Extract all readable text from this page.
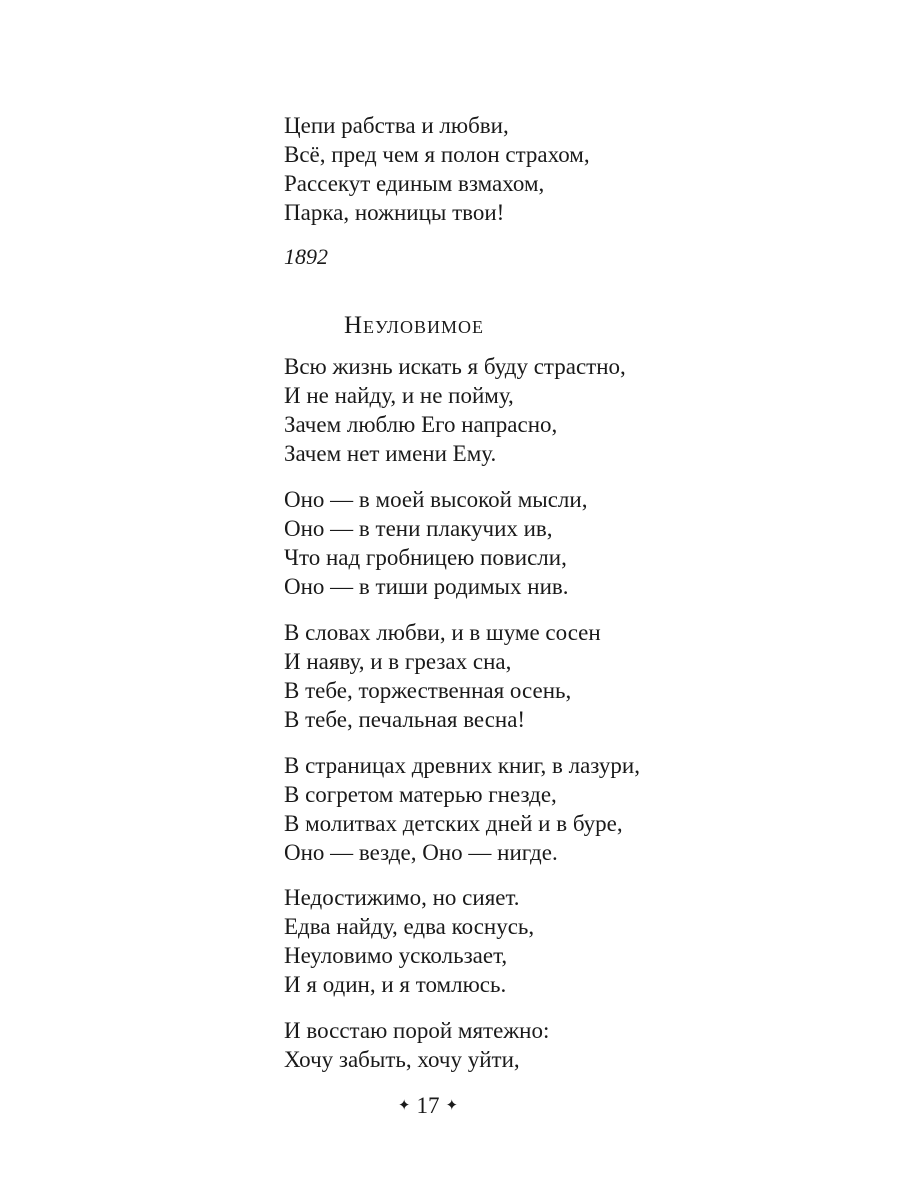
Цепи рабства и любви,
Всё, пред чем я полон страхом,
Рассекут единым взмахом,
Парка, ножницы твои!
1892
Неуловимое
Всю жизнь искать я буду страстно,
И не найду, и не пойму,
Зачем люблю Его напрасно,
Зачем нет имени Ему.
Оно — в моей высокой мысли,
Оно — в тени плакучих ив,
Что над гробницею повисли,
Оно — в тиши родимых нив.
В словах любви, и в шуме сосен
И наяву, и в грезах сна,
В тебе, торжественная осень,
В тебе, печальная весна!
В страницах древних книг, в лазури,
В согретом матерью гнезде,
В молитвах детских дней и в буре,
Оно — везде, Оно — нигде.
Недостижимо, но сияет.
Едва найду, едва коснусь,
Неуловимо ускользает,
И я один, и я томлюсь.
И восстаю порой мятежно:
Хочу забыть, хочу уйти,
✦ 17 ✦
